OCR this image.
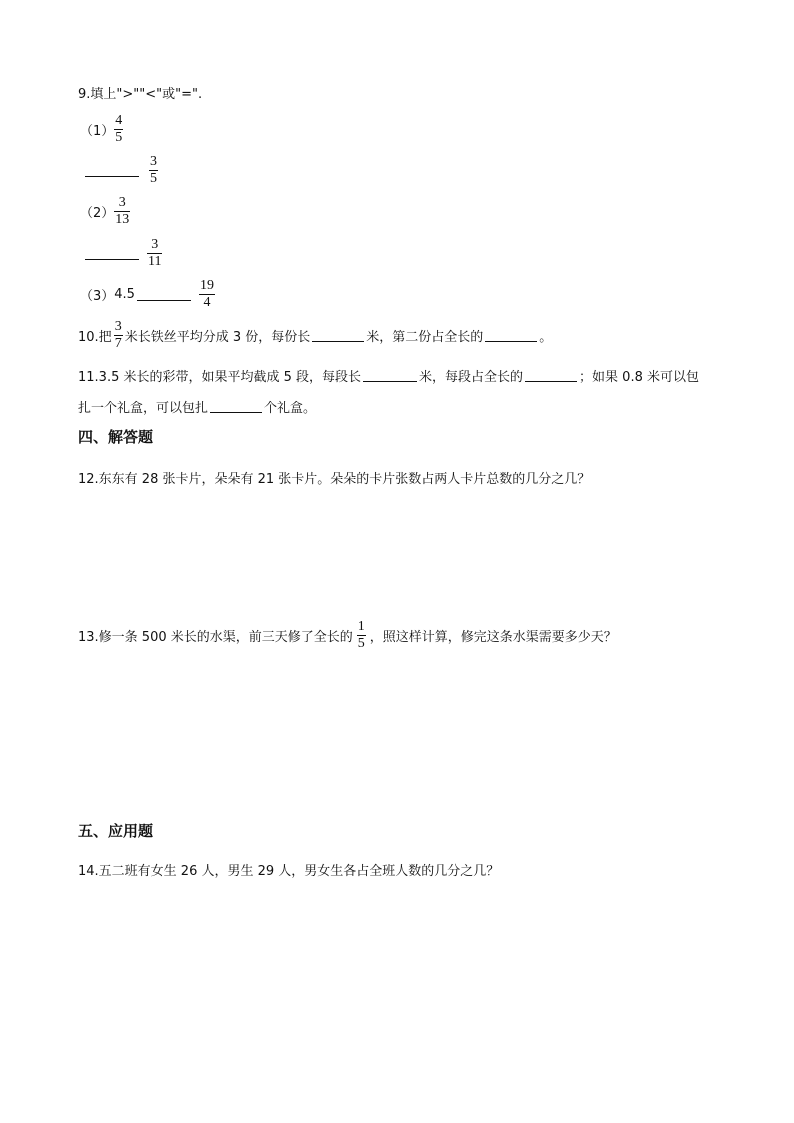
9.填上">""<"或"=".
$(1) \frac{4}{5}$
$\frac{3}{5}$
$(2) \frac{3}{13}$
$\frac{3}{11}$
（3） 4.5	$\frac{19}{4}$
10.把 $\frac{3}{7}$ 米长铁丝平均分成 3 份，每份长	米，第二份占全长的	。
11.3.5 米长的彩带，如果平均截成 5 段，每段长	米，每段占全长的	；如果 0.8 米可以包
扎一个礼盒，可以包扎	个礼盒。
四、解答题
12.东东有 28 张卡片，朵朵有 21 张卡片。朵朵的卡片张数占两人卡片总数的几分之几？
13.修一条 500 米长的水渠，前三天修了全长的 $\frac{1}{5}$ ，照这样计算，修完这条水渠需要多少天？
五、应用题
14.五二班有女生 26 人，男生 29 人，男女生各占全班人数的几分之几？
